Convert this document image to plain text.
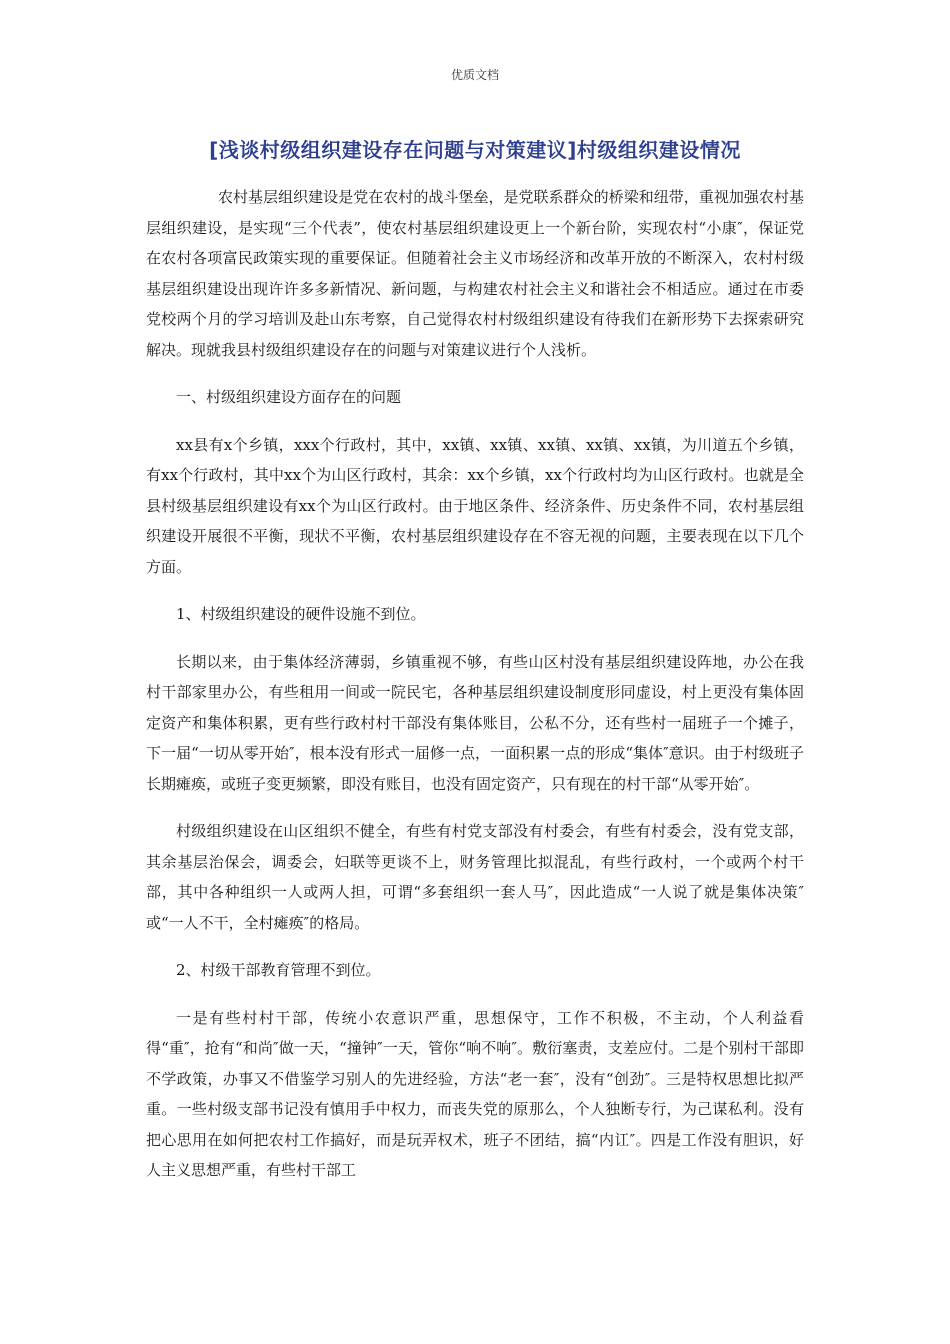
优质文档
[浅谈村级组织建设存在问题与对策建议]村级组织建设情况

农村基层组织建设是党在农村的战斗堡垒，是党联系群众的桥梁和纽带，重视加强农村基层组织建设，是实现“三个代表”，使农村基层组织建设更上一个新台阶，实现农村“小康″，保证党在农村各项富民政策实现的重要保证。但随着社会主义市场经济和改革开放的不断深入，农村村级基层组织建设出现许许多多新情况、新问题，与构建农村社会主义和谐社会不相适应。通过在市委党校两个月的学习培训及赴山东考察，自己觉得农村村级组织建设有待我们在新形势下去探索研究解决。现就我县村级组织建设存在的问题与对策建议进行个人浅析。

一、村级组织建设方面存在的问题

xx县有x个乡镇，xxx个行政村，其中，xx镇、xx镇、xx镇、xx镇、xx镇，为川道五个乡镇，有xx个行政村，其中xx个为山区行政村，其余：xx个乡镇，xx个行政村均为山区行政村。也就是全县村级基层组织建设有xx个为山区行政村。由于地区条件、经济条件、历史条件不同，农村基层组织建设开展很不平衡，现状不平衡，农村基层组织建设存在不容无视的问题，主要表现在以下几个方面。

1、村级组织建设的硬件设施不到位。

长期以来，由于集体经济薄弱，乡镇重视不够，有些山区村没有基层组织建设阵地，办公在我村干部家里办公，有些租用一间或一院民宅，各种基层组织建设制度形同虚设，村上更没有集体固定资产和集体积累，更有些行政村村干部没有集体账目，公私不分，还有些村一届班子一个摊子，下一届“一切从零开始″，根本没有形式一届修一点，一面积累一点的形成“集体″意识。由于村级班子长期瘫痪，或班子变更频繁，即没有账目，也没有固定资产，只有现在的村干部“从零开始″。

村级组织建设在山区组织不健全，有些有村党支部没有村委会，有些有村委会，没有党支部，其余基层治保会，调委会，妇联等更谈不上，财务管理比拟混乱，有些行政村，一个或两个村干部，其中各种组织一人或两人担，可谓“多套组织一套人马″，因此造成“一人说了就是集体决策″或“一人不干，全村瘫痪″的格局。

2、村级干部教育管理不到位。

一是有些村村干部，传统小农意识严重，思想保守，工作不积极，不主动，个人利益看得“重″，抢有“和尚″做一天，“撞钟″一天，管你“响不响″。敷衍塞责，支差应付。二是个别村干部即不学政策，办事又不借鉴学习别人的先进经验，方法“老一套″，没有“创劲″。三是特权思想比拟严重。一些村级支部书记没有慎用手中权力，而丧失党的原那么，个人独断专行，为己谋私利。没有把心思用在如何把农村工作搞好，而是玩弄权术，班子不团结，搞“内讧″。四是工作没有胆识，好人主义思想严重，有些村干部工
